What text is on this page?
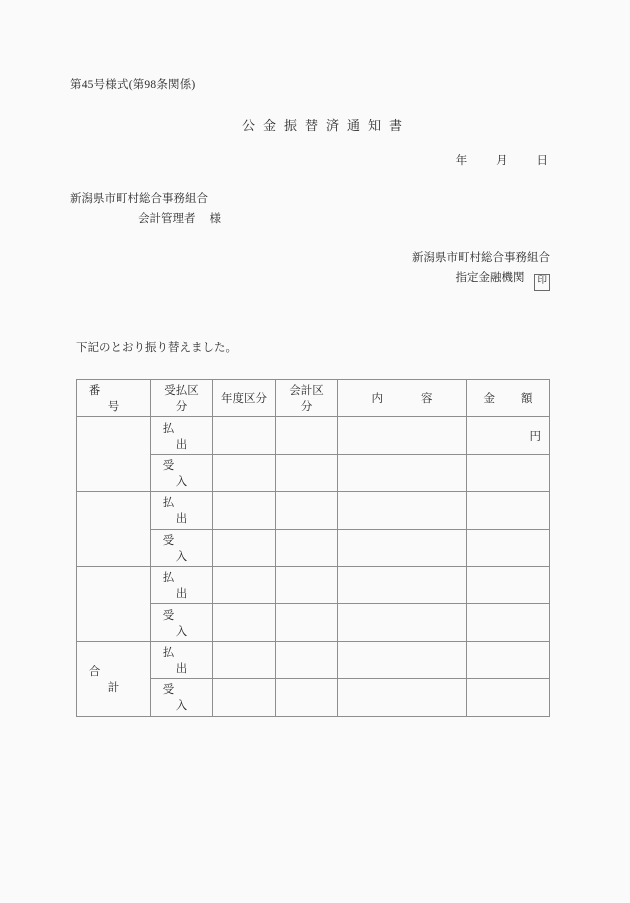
第45号様式(第98条関係)
公金振替済通知書
年	月	日
新潟県市町村総合事務組合
会計管理者 様
新潟県市町村総合事務組合
指定金融機関 印
下記のとおり振り替えました。
番号	受払区分	年度区分	会計区分	内 容	金 額
	払出				円
	受入				
	払出				
	受入				
	払出				
	受入				
合計	払出				
	受入				
